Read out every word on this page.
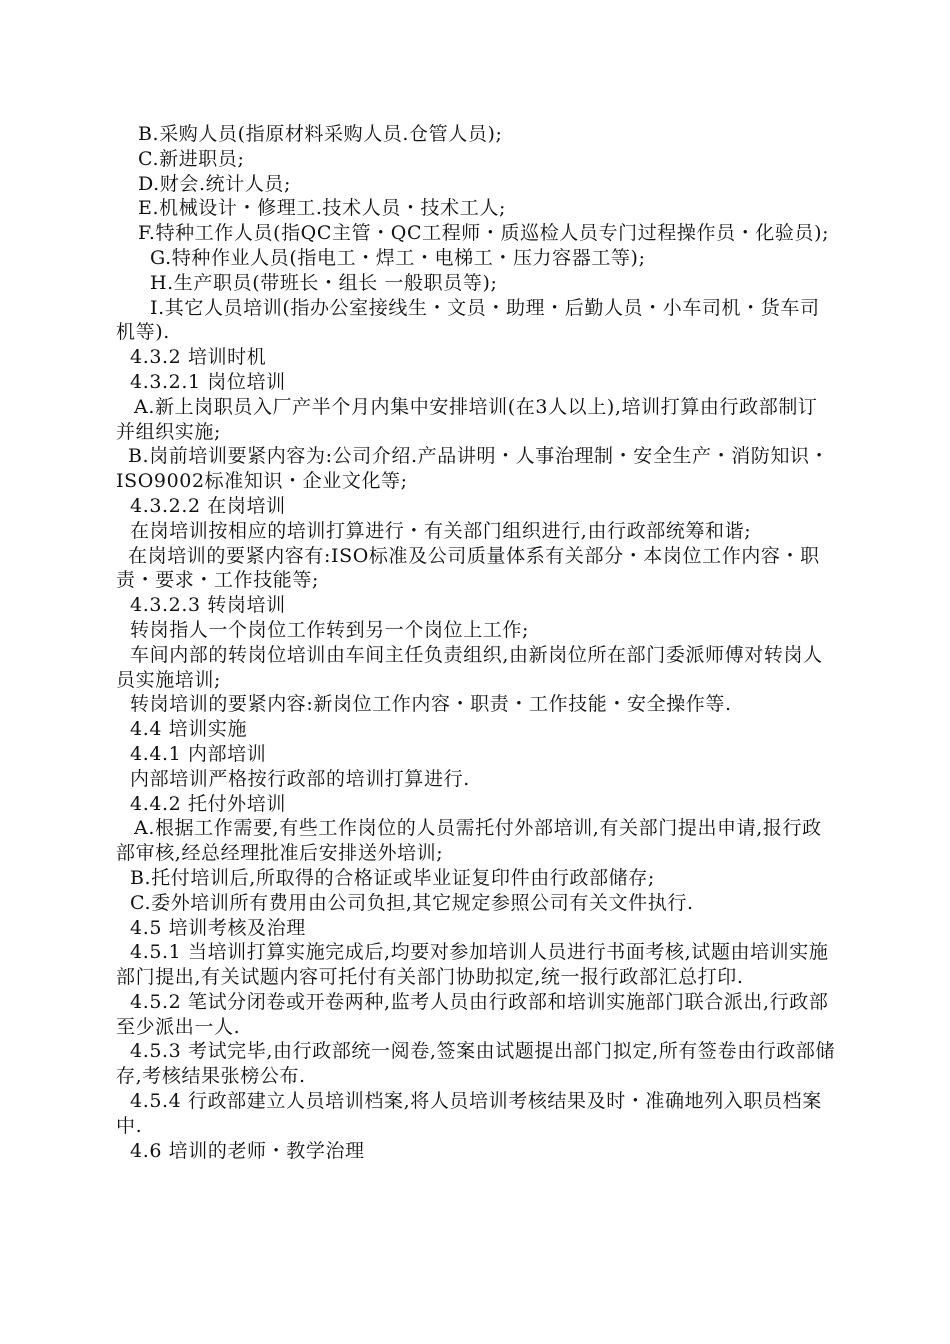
B.采购人员(指原材料采购人员.仓管人员);

C.新进职员;

D.财会.统计人员;

E.机械设计・修理工.技术人员・技术工人;

F.特种工作人员(指QC主管・QC工程师・质巡检人员专门过程操作员・化验员);

G.特种作业人员(指电工・焊工・电梯工・压力容器工等);

H.生产职员(带班长・组长 一般职员等);

I.其它人员培训(指办公室接线生・文员・助理・后勤人员・小车司机・货车司机等).

4.3.2 培训时机

4.3.2.1 岗位培训

A.新上岗职员入厂产半个月内集中安排培训(在3人以上),培训打算由行政部制订并组织实施;

B.岗前培训要紧内容为:公司介绍.产品讲明・人事治理制・安全生产・消防知识・ISO9002标准知识・企业文化等;

4.3.2.2 在岗培训

在岗培训按相应的培训打算进行・有关部门组织进行,由行政部统筹和谐;

在岗培训的要紧内容有:ISO标准及公司质量体系有关部分・本岗位工作内容・职责・要求・工作技能等;

4.3.2.3 转岗培训

转岗指人一个岗位工作转到另一个岗位上工作;

车间内部的转岗位培训由车间主任负责组织,由新岗位所在部门委派师傅对转岗人员实施培训;

转岗培训的要紧内容:新岗位工作内容・职责・工作技能・安全操作等.

4.4 培训实施

4.4.1 内部培训

内部培训严格按行政部的培训打算进行.

4.4.2 托付外培训

A.根据工作需要,有些工作岗位的人员需托付外部培训,有关部门提出申请,报行政部审核,经总经理批准后安排送外培训;

B.托付培训后,所取得的合格证或毕业证复印件由行政部储存;

C.委外培训所有费用由公司负担,其它规定参照公司有关文件执行.

4.5 培训考核及治理

4.5.1 当培训打算实施完成后,均要对参加培训人员进行书面考核,试题由培训实施部门提出,有关试题内容可托付有关部门协助拟定,统一报行政部汇总打印.

4.5.2 笔试分闭卷或开卷两种,监考人员由行政部和培训实施部门联合派出,行政部至少派出一人.

4.5.3 考试完毕,由行政部统一阅卷,签案由试题提出部门拟定,所有签卷由行政部储存,考核结果张榜公布.

4.5.4 行政部建立人员培训档案,将人员培训考核结果及时・准确地列入职员档案中.

4.6 培训的老师・教学治理
